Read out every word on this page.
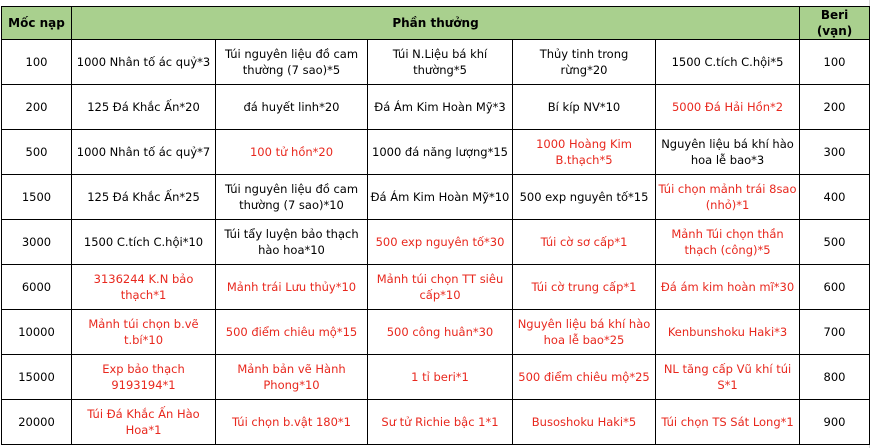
Mốc nạp	Phần thưởng					Beri (vạn)
100	1000 Nhân tố ác quỷ*3	Túi nguyên liệu đồ cam thường (7 sao)*5	Túi N.Liệu bá khí thường*5	Thủy tinh trong rừng*20	1500 C.tích C.hội*5	100
200	125 Đá Khắc Ấn*20	đá huyết linh*20	Đá Ám Kim Hoàn Mỹ*3	Bí kíp NV*10	5000 Đá Hải Hồn*2	200
500	1000 Nhân tố ác quỷ*7	100 tử hồn*20	1000 đá năng lượng*15	1000 Hoàng Kim B.thạch*5	Nguyên liệu bá khí hào hoa lễ bao*3	300
1500	125 Đá Khắc Ấn*25	Túi nguyên liệu đồ cam thường (7 sao)*10	Đá Ám Kim Hoàn Mỹ*10	500 exp nguyên tố*15	Túi chọn mảnh trái 8sao (nhỏ)*1	400
3000	1500 C.tích C.hội*10	Túi tẩy luyện bảo thạch hào hoa*10	500 exp nguyên tố*30	Túi cờ sơ cấp*1	Mảnh Túi chọn thần thạch (công)*5	500
6000	3136244 K.N bảo thạch*1	Mảnh trái Lưu thủy*10	Mảnh túi chọn TT siêu cấp*10	Túi cờ trung cấp*1	Đá ám kim hoàn mĩ*30	600
10000	Mảnh túi chọn b.vẽ t.bí*10	500 điểm chiêu mộ*15	500 công huân*30	Nguyên liệu bá khí hào hoa lễ bao*25	Kenbunshoku Haki*3	700
15000	Exp bảo thạch 9193194*1	Mảnh bản vẽ Hành Phong*10	1 tỉ beri*1	500 điểm chiêu mộ*25	NL tăng cấp Vũ khí túi S*1	800
20000	Túi Đá Khắc Ấn Hào Hoa*1	Túi chọn b.vật 180*1	Sư tử Richie bậc 1*1	Busoshoku Haki*5	Túi chọn TS Sát Long*1	900
